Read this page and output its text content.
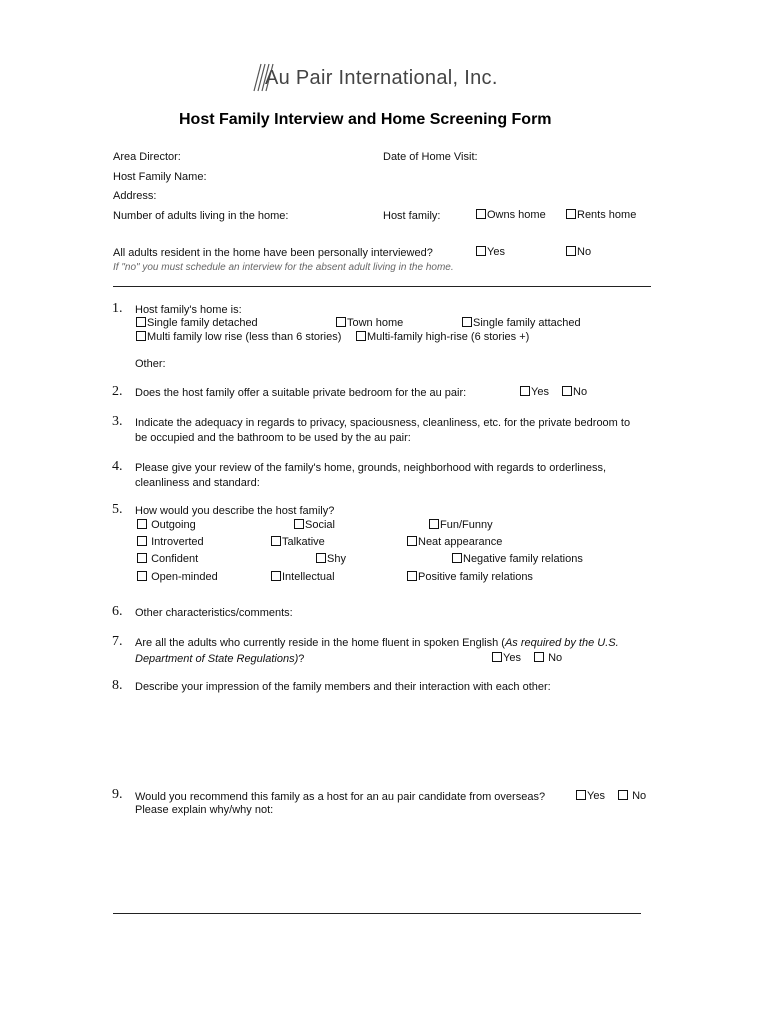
Au Pair International, Inc.
Host Family Interview and Home Screening Form
Area Director:	Date of Home Visit:
Host Family Name:
Address:
Number of adults living in the home:	Host family:	Owns home	Rents home
All adults resident in the home have been personally interviewed?	Yes	No
If "no" you must schedule an interview for the absent adult living in the home.
1. Host family's home is:
Single family detached	Town home	Single family attached
Multi family low rise (less than 6 stories)	Multi-family high-rise (6 stories +)
Other:
2. Does the host family offer a suitable private bedroom for the au pair:	Yes	No
3. Indicate the adequacy in regards to privacy, spaciousness, cleanliness, etc. for the private bedroom to
be occupied and the bathroom to be used by the au pair:
4. Please give your review of the family's home, grounds, neighborhood with regards to orderliness,
cleanliness and standard:
5. How would you describe the host family?
Outgoing	Social	Fun/Funny
Introverted	Talkative	Neat appearance
Confident	Shy	Negative family relations
Open-minded	Intellectual	Positive family relations
6. Other characteristics/comments:
7. Are all the adults who currently reside in the home fluent in spoken English (As required by the U.S.
Department of State Regulations)?	Yes	No
8. Describe your impression of the family members and their interaction with each other:
9. Would you recommend this family as a host for an au pair candidate from overseas?
Please explain why/why not:
Yes	No
